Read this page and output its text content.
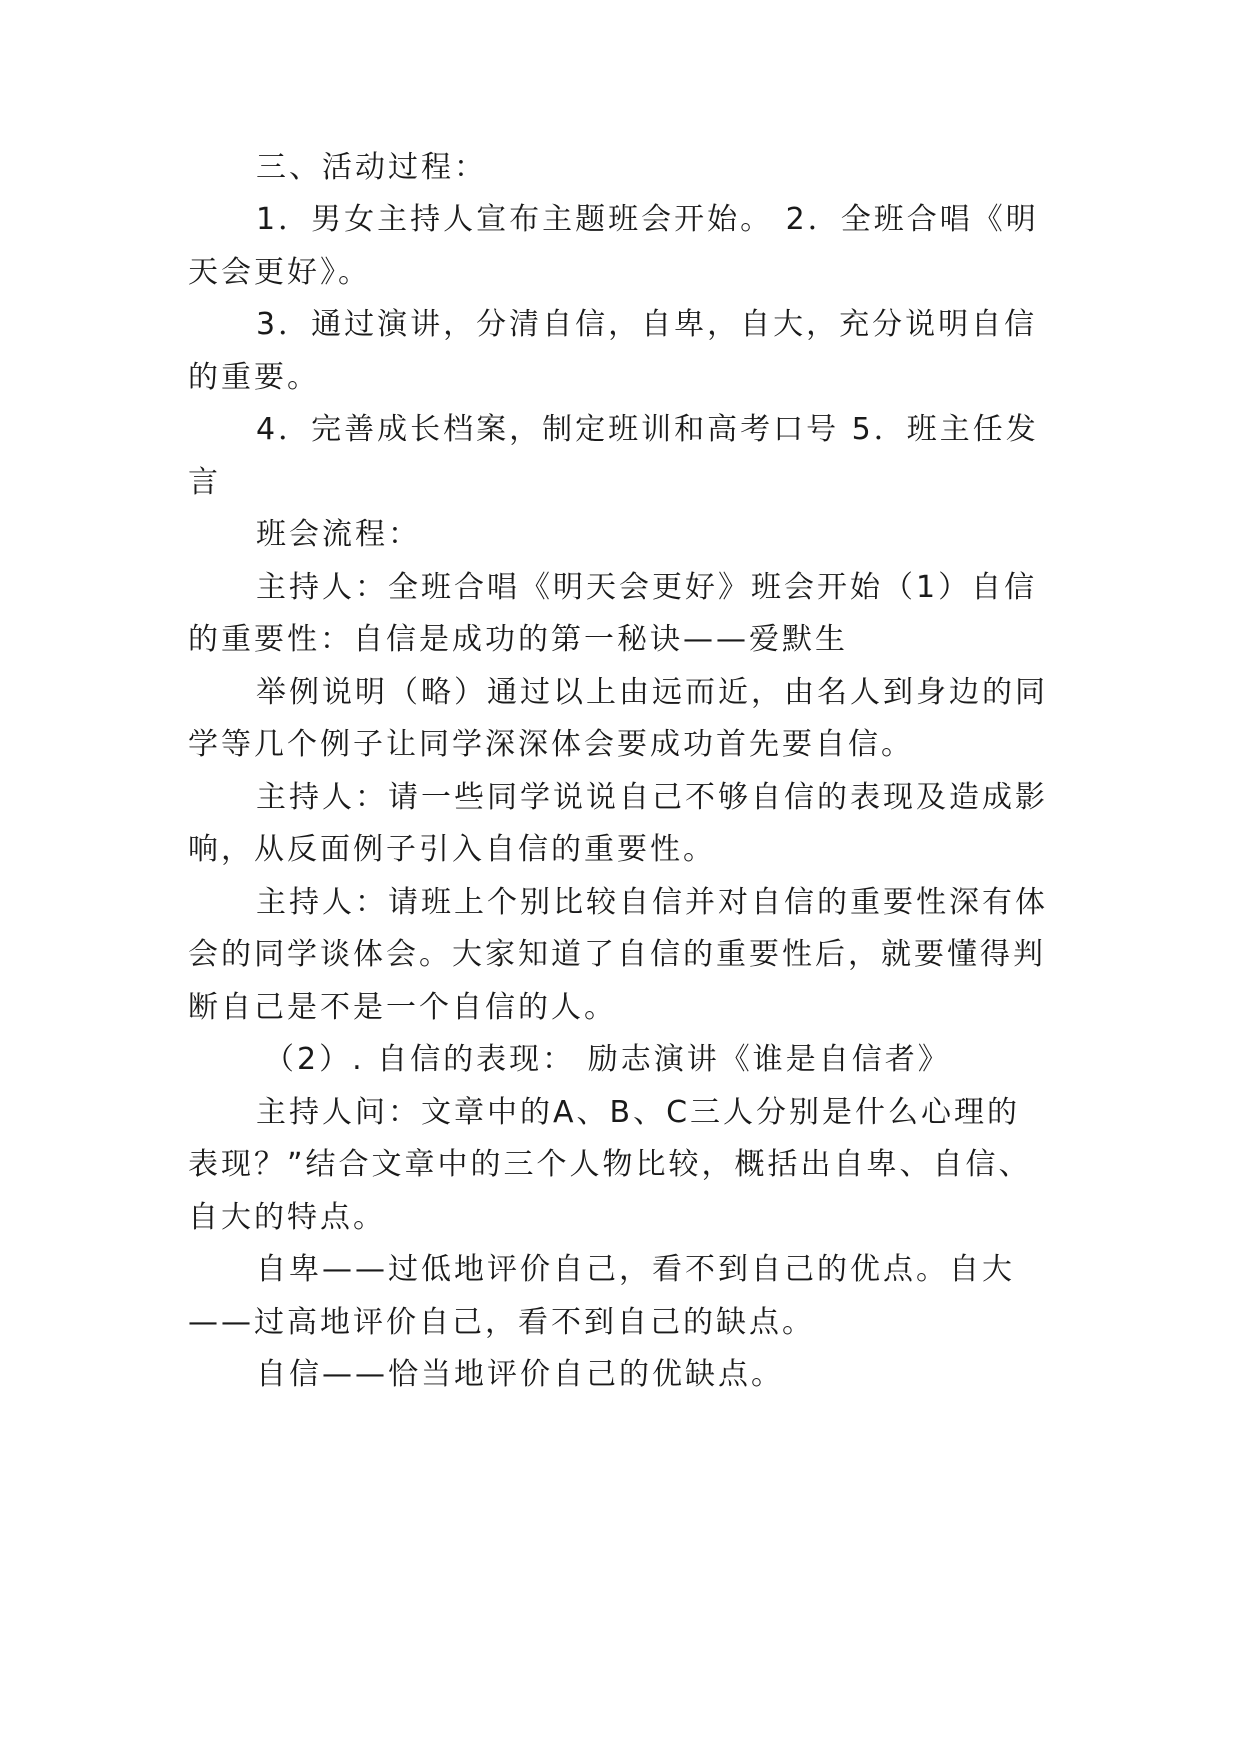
三、活动过程：
1．男女主持人宣布主题班会开始。 2．全班合唱《明
天会更好》。
3．通过演讲，分清自信，自卑，自大，充分说明自信
的重要。
4．完善成长档案，制定班训和高考口号 5．班主任发
言
班会流程：
主持人：全班合唱《明天会更好》班会开始（1）自信
的重要性：自信是成功的第一秘诀——爱默生
举例说明（略）通过以上由远而近，由名人到身边的同
学等几个例子让同学深深体会要成功首先要自信。
主持人：请一些同学说说自己不够自信的表现及造成影
响，从反面例子引入自信的重要性。
主持人：请班上个别比较自信并对自信的重要性深有体
会的同学谈体会。大家知道了自信的重要性后，就要懂得判
断自己是不是一个自信的人。
（2）. 自信的表现： 励志演讲《谁是自信者》
主持人问：文章中的A、B、C三人分别是什么心理的
表现？”结合文章中的三个人物比较，概括出自卑、自信、
自大的特点。
自卑——过低地评价自己，看不到自己的优点。自大
——过高地评价自己，看不到自己的缺点。
自信——恰当地评价自己的优缺点。
